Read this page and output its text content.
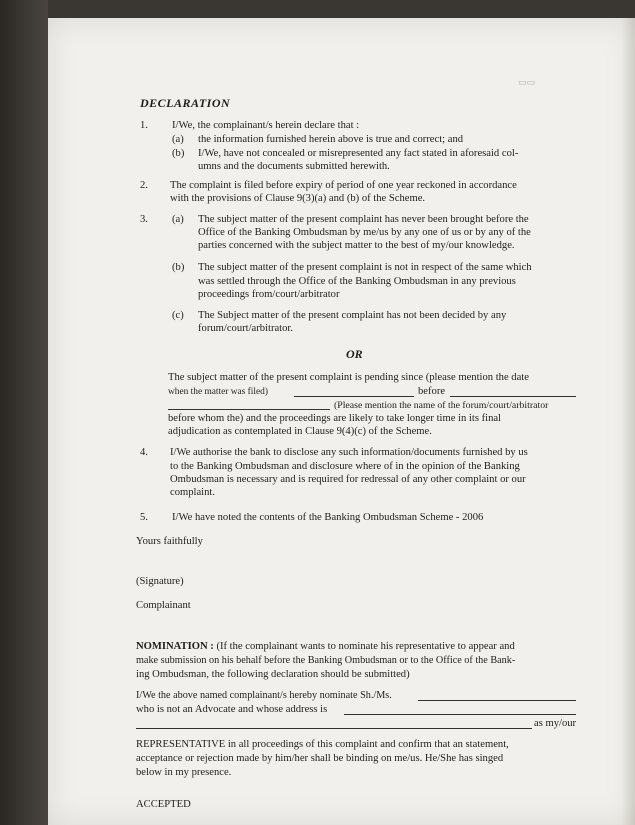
▭▭
DECLARATION
1. I/We, the complainant/s herein declare that :
(a) the information furnished herein above is true and correct; and
(b) I/We, have not concealed or misrepresented any fact stated in aforesaid col-
umns and the documents submitted herewith.
2. The complaint is filed before expiry of period of one year reckoned in accordance
with the provisions of Clause 9(3)(a) and (b) of the Scheme.
3. (a) The subject matter of the present complaint has never been brought before the
Office of the Banking Ombudsman by me/us by any one of us or by any of the
parties concerned with the subject matter to the best of my/our knowledge.
(b) The subject matter of the present complaint is not in respect of the same which
was settled through the Office of the Banking Ombudsman in any previous
proceedings from/court/arbitrator
(c) The Subject matter of the present complaint has not been decided by any
forum/court/arbitrator.
OR
The subject matter of the present complaint is pending since (please mention the date
when the matter was filed)	before
(Please mention the name of the forum/court/arbitrator
before whom the) and the proceedings are likely to take longer time in its final
adjudication as contemplated in Clause 9(4)(c) of the Scheme.
4. I/We authorise the bank to disclose any such information/documents furnished by us
to the Banking Ombudsman and disclosure where of in the opinion of the Banking
Ombudsman is necessary and is required for redressal of any other complaint or our
complaint.
5. I/We have noted the contents of the Banking Ombudsman Scheme - 2006
Yours faithfully
(Signature)
Complainant
NOMINATION : (If the complainant wants to nominate his representative to appear and
make submission on his behalf before the Banking Ombudsman or to the Office of the Bank-
ing Ombudsman, the following declaration should be submitted)
I/We the above named complainant/s hereby nominate Sh./Ms.
who is not an Advocate and whose address is
as my/our
REPRESENTATIVE in all proceedings of this complaint and confirm that an statement,
acceptance or rejection made by him/her shall be binding on me/us. He/She has singed
below in my presence.
ACCEPTED
